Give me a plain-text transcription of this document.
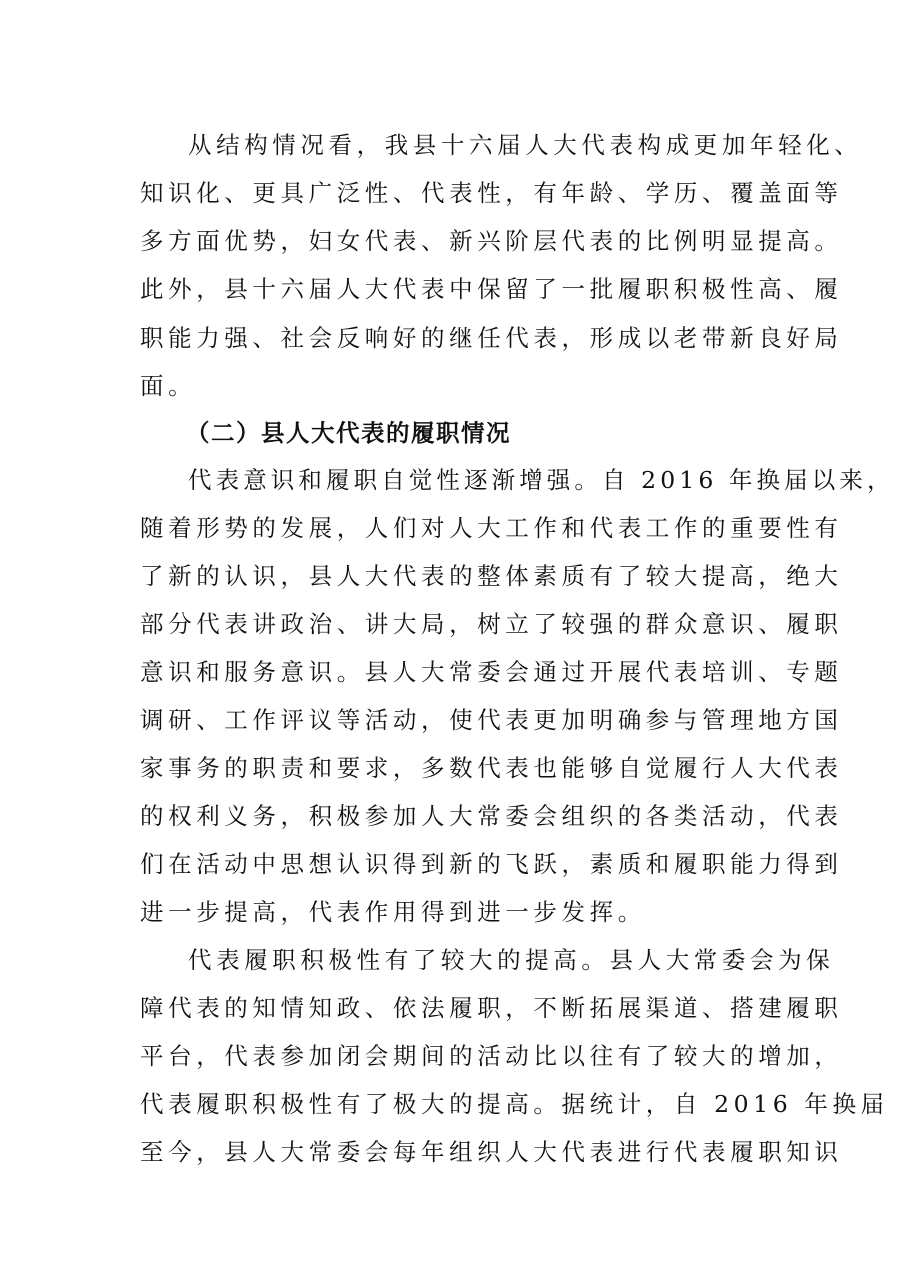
从结构情况看，我县十六届人大代表构成更加年轻化、
知识化、更具广泛性、代表性，有年龄、学历、覆盖面等
多方面优势，妇女代表、新兴阶层代表的比例明显提高。
此外，县十六届人大代表中保留了一批履职积极性高、履
职能力强、社会反响好的继任代表，形成以老带新良好局
面。
（二）县人大代表的履职情况
代表意识和履职自觉性逐渐增强。自 2016 年换届以来，
随着形势的发展，人们对人大工作和代表工作的重要性有
了新的认识，县人大代表的整体素质有了较大提高，绝大
部分代表讲政治、讲大局，树立了较强的群众意识、履职
意识和服务意识。县人大常委会通过开展代表培训、专题
调研、工作评议等活动，使代表更加明确参与管理地方国
家事务的职责和要求，多数代表也能够自觉履行人大代表
的权利义务，积极参加人大常委会组织的各类活动，代表
们在活动中思想认识得到新的飞跃，素质和履职能力得到
进一步提高，代表作用得到进一步发挥。
代表履职积极性有了较大的提高。县人大常委会为保
障代表的知情知政、依法履职，不断拓展渠道、搭建履职
平台，代表参加闭会期间的活动比以往有了较大的增加，
代表履职积极性有了极大的提高。据统计，自 2016 年换届
至今，县人大常委会每年组织人大代表进行代表履职知识
